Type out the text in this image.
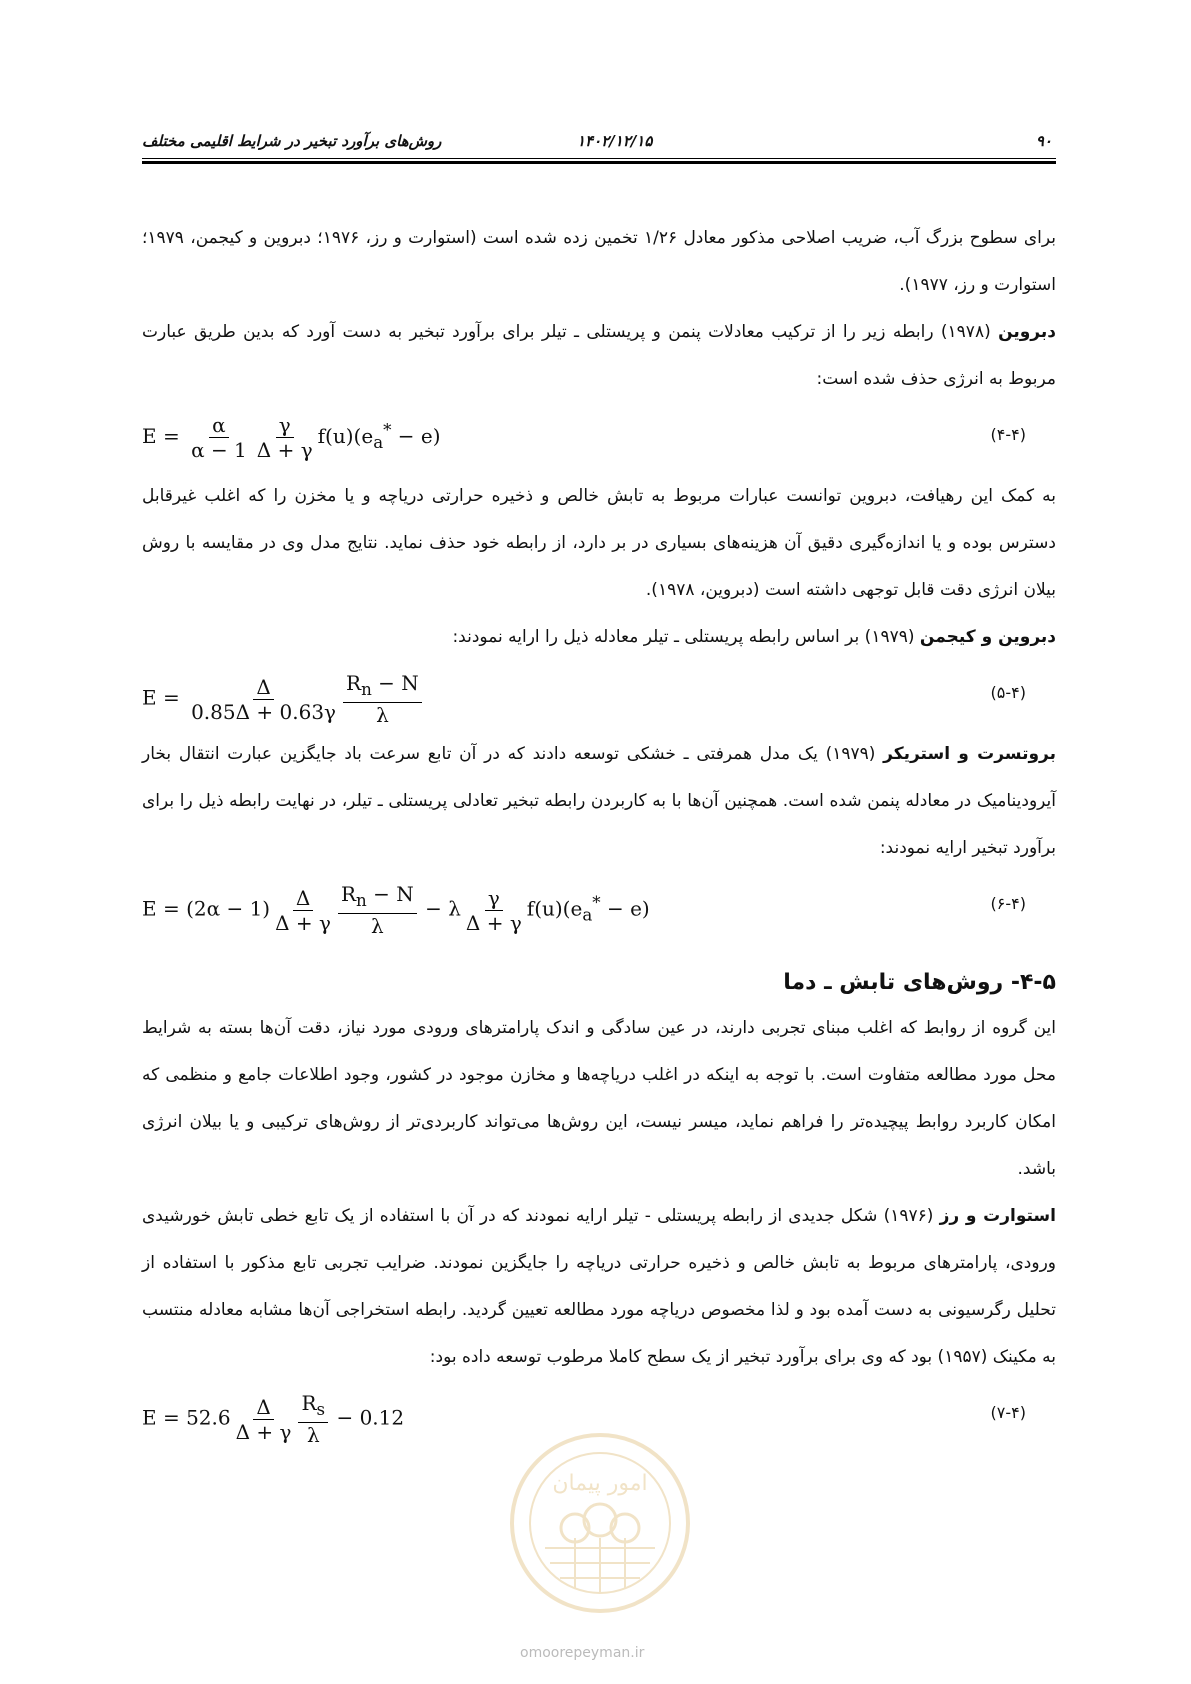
۹۰
۱۴۰۲/۱۲/۱۵
روش‌های برآورد تبخیر در شرایط اقلیمی مختلف

برای سطوح بزرگ آب، ضریب اصلاحی مذکور معادل ۱/۲۶ تخمین زده شده است (استوارت و رز، ۱۹۷۶؛ دبروین و کیجمن، ۱۹۷۹؛ استوارت و رز، ۱۹۷۷).

دبروین (۱۹۷۸) رابطه زیر را از ترکیب معادلات پنمن و پریستلی ـ تیلر برای برآورد تبخیر به دست آورد که بدین طریق عبارت مربوط به انرژی حذف شده است:

$E = \frac{\alpha}{\alpha - 1} \frac{\gamma}{\Delta + \gamma} f(u)(e_a^* - e)$	(۴-۴)

به کمک این رهیافت، دبروین توانست عبارات مربوط به تابش خالص و ذخیره حرارتی دریاچه و یا مخزن را که اغلب غیرقابل دسترس بوده و یا اندازه‌گیری دقیق آن هزینه‌های بسیاری در بر دارد، از رابطه خود حذف نماید. نتایج مدل وی در مقایسه با روش بیلان انرژی دقت قابل توجهی داشته است (دبروین، ۱۹۷۸).

دبروین و کیجمن (۱۹۷۹) بر اساس رابطه پریستلی ـ تیلر معادله ذیل را ارایه نمودند:

$E = \frac{\Delta}{0.85\Delta + 0.63\gamma} \frac{R_n - N}{\lambda}$	(۵-۴)

بروتسرت و استریکر (۱۹۷۹) یک مدل همرفتی ـ خشکی توسعه دادند که در آن تابع سرعت باد جایگزین عبارت انتقال بخار آیرودینامیک در معادله پنمن شده است. همچنین آن‌ها با به کاربردن رابطه تبخیر تعادلی پریستلی ـ تیلر، در نهایت رابطه ذیل را برای برآورد تبخیر ارایه نمودند:

$E = (2\alpha - 1) \frac{\Delta}{\Delta + \gamma} \frac{R_n - N}{\lambda} - \lambda \frac{\gamma}{\Delta + \gamma} f(u)(e_a^* - e)$	(۶-۴)
۴-۵- روش‌های تابش ـ دما

این گروه از روابط که اغلب مبنای تجربی دارند، در عین سادگی و اندک پارامترهای ورودی مورد نیاز، دقت آن‌ها بسته به شرایط محل مورد مطالعه متفاوت است. با توجه به اینکه در اغلب دریاچه‌ها و مخازن موجود در کشور، وجود اطلاعات جامع و منظمی که امکان کاربرد روابط پیچیده‌تر را فراهم نماید، میسر نیست، این روش‌ها می‌تواند کاربردی‌تر از روش‌های ترکیبی و یا بیلان انرژی باشد.

استوارت و رز (۱۹۷۶) شکل جدیدی از رابطه پریستلی - تیلر ارایه نمودند که در آن با استفاده از یک تابع خطی تابش خورشیدی ورودی، پارامترهای مربوط به تابش خالص و ذخیره حرارتی دریاچه را جایگزین نمودند. ضرایب تجربی تابع مذکور با استفاده از تحلیل رگرسیونی به دست آمده بود و لذا مخصوص دریاچه مورد مطالعه تعیین گردید. رابطه استخراجی آن‌ها مشابه معادله منتسب به مکینک (۱۹۵۷) بود که وی برای برآورد تبخیر از یک سطح کاملا مرطوب توسعه داده بود:

$E = 52.6 \frac{\Delta}{\Delta + \gamma} \frac{R_s}{\lambda} - 0.12$	(۷-۴)
امور پیمان
omoorepeyman.ir
